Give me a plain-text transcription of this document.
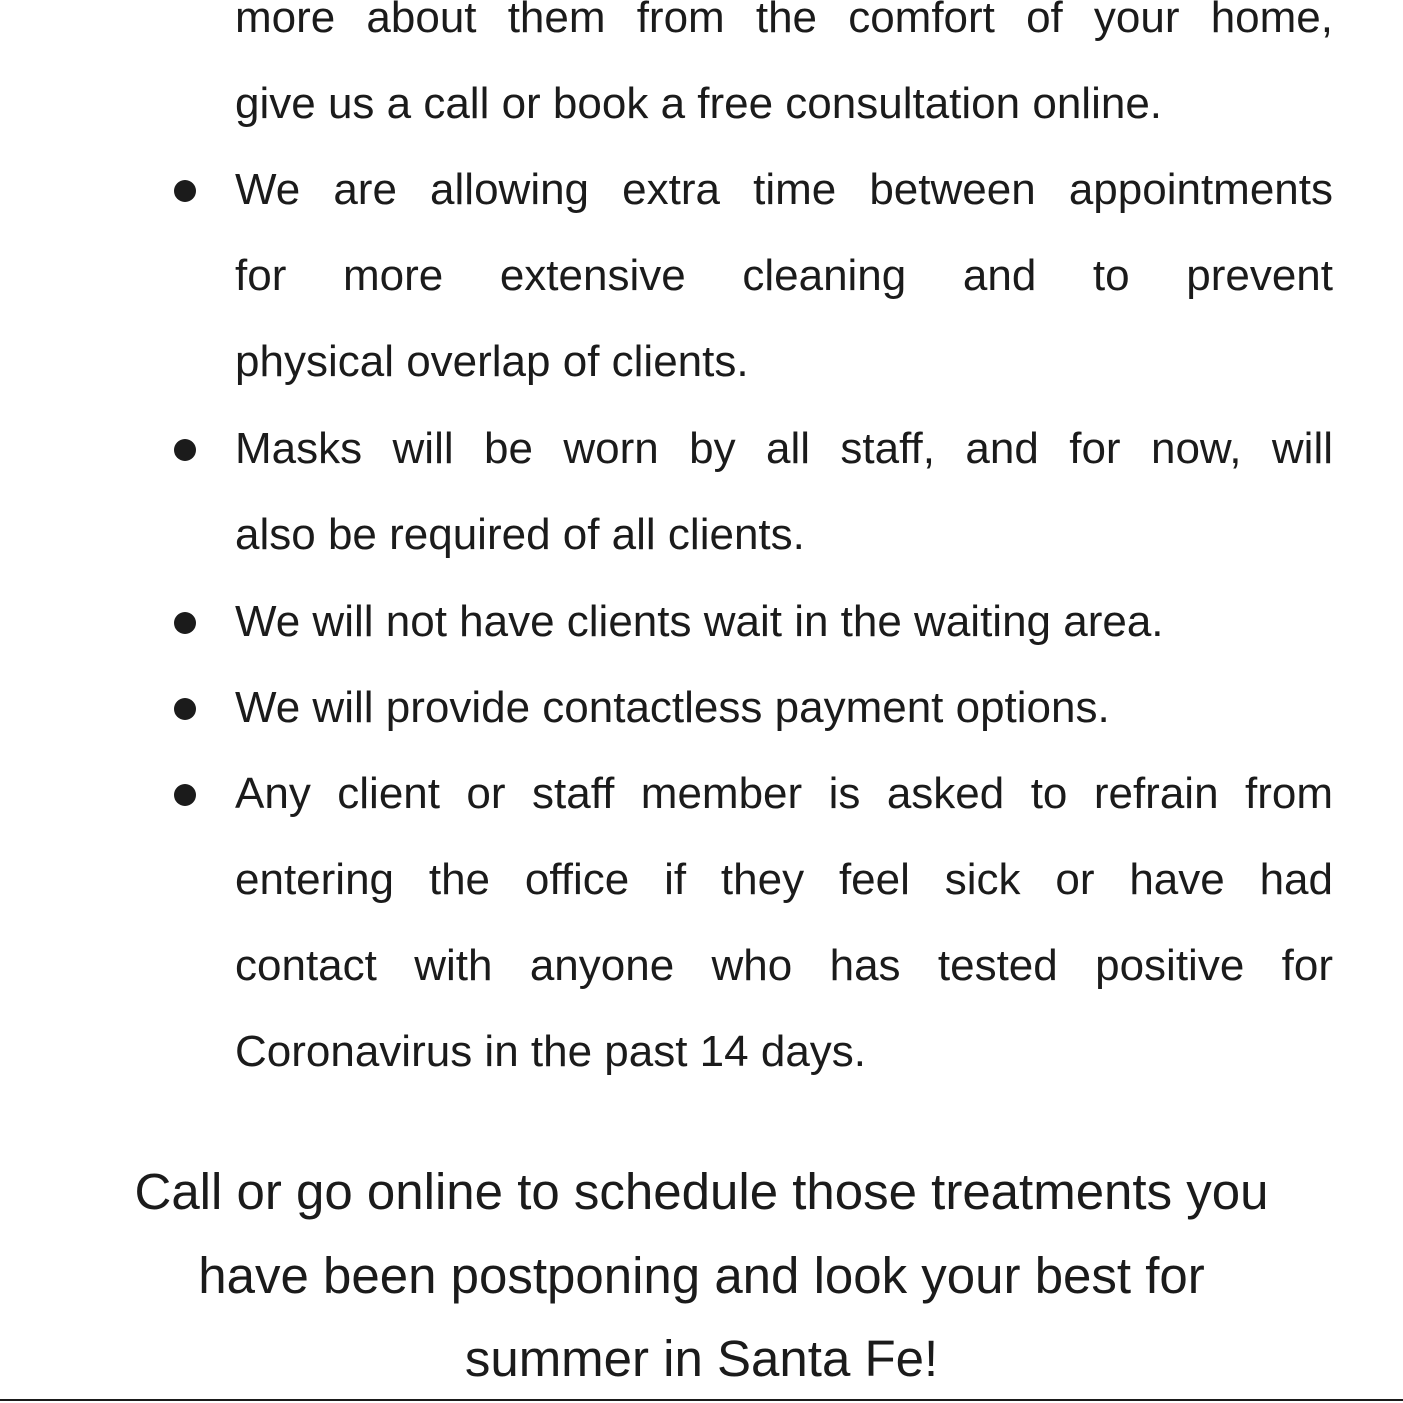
more about them from the comfort of your home,
give us a call or book a free consultation online.
We are allowing extra time between appointments
for more extensive cleaning and to prevent
physical overlap of clients.
Masks will be worn by all staff, and for now, will
also be required of all clients.
We will not have clients wait in the waiting area.
We will provide contactless payment options.
Any client or staff member is asked to refrain from
entering the office if they feel sick or have had
contact with anyone who has tested positive for
Coronavirus in the past 14 days.
Call or go online to schedule those treatments you
have been postponing and look your best for
summer in Santa Fe!
